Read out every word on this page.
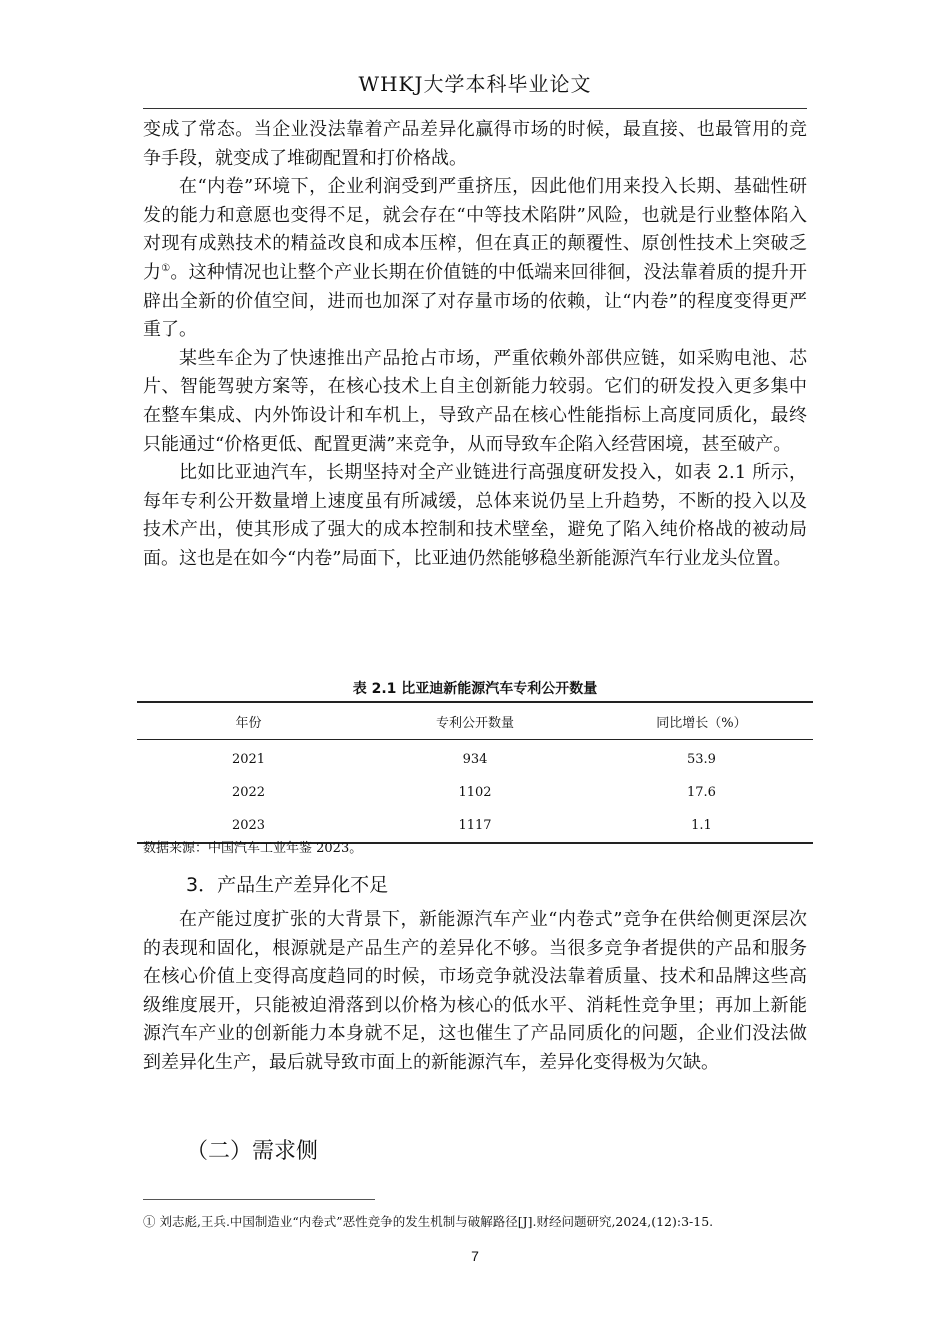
WHKJ大学本科毕业论文

变成了常态。当企业没法靠着产品差异化赢得市场的时候，最直接、也最管用的竞争手段，就变成了堆砌配置和打价格战。

在“内卷”环境下，企业利润受到严重挤压，因此他们用来投入长期、基础性研发的能力和意愿也变得不足，就会存在“中等技术陷阱”风险，也就是行业整体陷入对现有成熟技术的精益改良和成本压榨，但在真正的颠覆性、原创性技术上突破乏力①。这种情况也让整个产业长期在价值链的中低端来回徘徊，没法靠着质的提升开辟出全新的价值空间，进而也加深了对存量市场的依赖，让“内卷”的程度变得更严重了。

某些车企为了快速推出产品抢占市场，严重依赖外部供应链，如采购电池、芯片、智能驾驶方案等，在核心技术上自主创新能力较弱。它们的研发投入更多集中在整车集成、内外饰设计和车机上，导致产品在核心性能指标上高度同质化，最终只能通过“价格更低、配置更满”来竞争，从而导致车企陷入经营困境，甚至破产。

比如比亚迪汽车，长期坚持对全产业链进行高强度研发投入，如表 2.1 所示，每年专利公开数量增上速度虽有所减缓，总体来说仍呈上升趋势，不断的投入以及技术产出，使其形成了强大的成本控制和技术壁垒，避免了陷入纯价格战的被动局面。这也是在如今“内卷”局面下，比亚迪仍然能够稳坐新能源汽车行业龙头位置。

表 2.1 比亚迪新能源汽车专利公开数量
年份	专利公开数量	同比增长（%）
2021	934	53.9
2022	1102	17.6
2023	1117	1.1
数据来源：中国汽车工业年鉴 2023。
3．产品生产差异化不足

在产能过度扩张的大背景下，新能源汽车产业“内卷式”竞争在供给侧更深层次的表现和固化，根源就是产品生产的差异化不够。当很多竞争者提供的产品和服务在核心价值上变得高度趋同的时候，市场竞争就没法靠着质量、技术和品牌这些高级维度展开，只能被迫滑落到以价格为核心的低水平、消耗性竞争里；再加上新能源汽车产业的创新能力本身就不足，这也催生了产品同质化的问题，企业们没法做到差异化生产，最后就导致市面上的新能源汽车，差异化变得极为欠缺。

（二）需求侧
① 刘志彪,王兵.中国制造业“内卷式”恶性竞争的发生机制与破解路径[J].财经问题研究,2024,(12):3-15.
7
